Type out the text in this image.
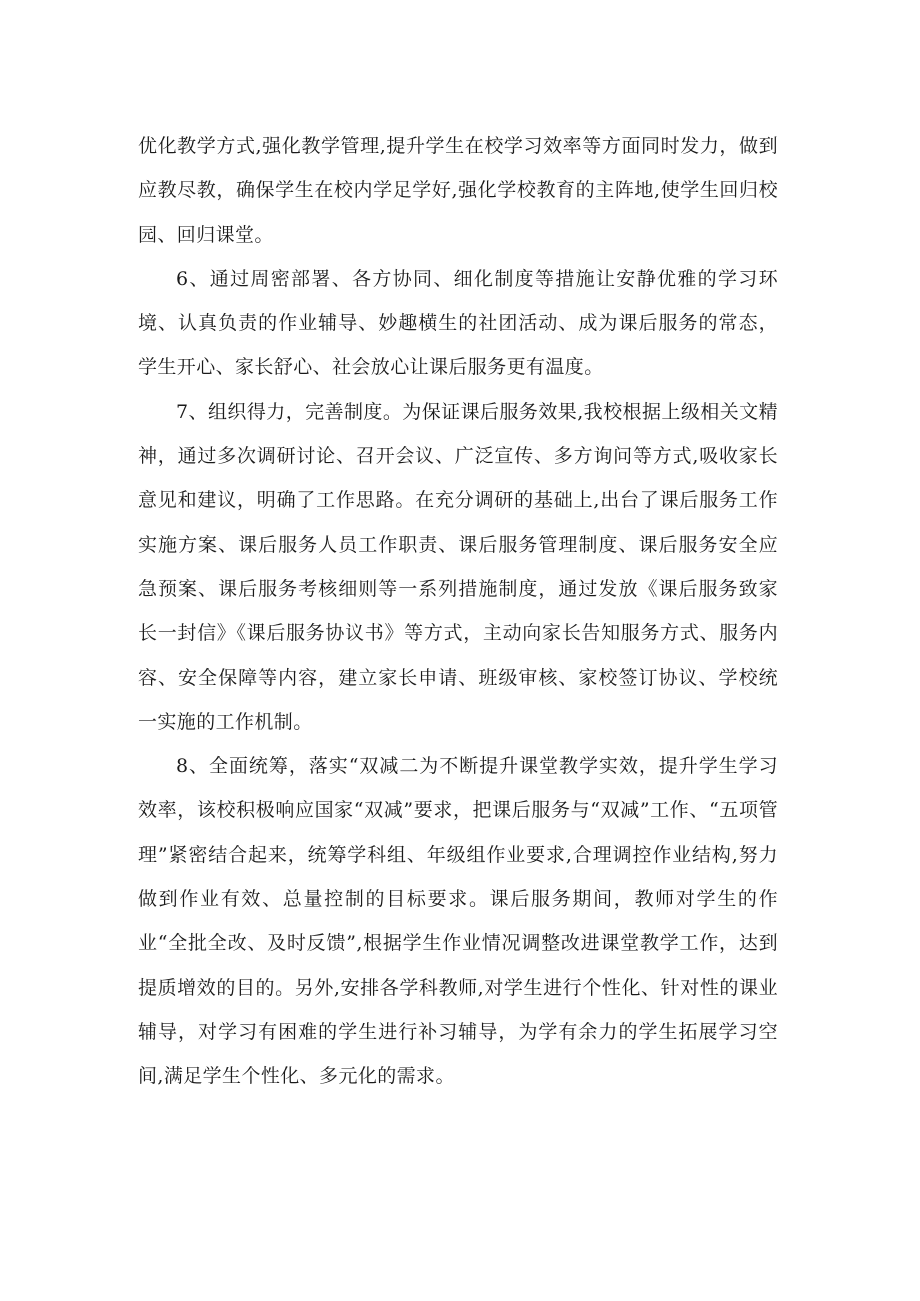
优化教学方式,强化教学管理,提升学生在校学习效率等方面同时发力，做到应教尽教，确保学生在校内学足学好,强化学校教育的主阵地,使学生回归校园、回归课堂。

6、通过周密部署、各方协同、细化制度等措施让安静优雅的学习环境、认真负责的作业辅导、妙趣横生的社团活动、成为课后服务的常态，学生开心、家长舒心、社会放心让课后服务更有温度。

7、组织得力，完善制度。为保证课后服务效果,我校根据上级相关文精神，通过多次调研讨论、召开会议、广泛宣传、多方询问等方式,吸收家长意见和建议，明确了工作思路。在充分调研的基础上,出台了课后服务工作实施方案、课后服务人员工作职责、课后服务管理制度、课后服务安全应急预案、课后服务考核细则等一系列措施制度，通过发放《课后服务致家长一封信》《课后服务协议书》等方式，主动向家长告知服务方式、服务内容、安全保障等内容，建立家长申请、班级审核、家校签订协议、学校统一实施的工作机制。

8、全面统筹，落实“双减二为不断提升课堂教学实效，提升学生学习效率，该校积极响应国家“双减”要求，把课后服务与“双减”工作、“五项管理”紧密结合起来，统筹学科组、年级组作业要求,合理调控作业结构,努力做到作业有效、总量控制的目标要求。课后服务期间，教师对学生的作业“全批全改、及时反馈”,根据学生作业情况调整改进课堂教学工作，达到提质增效的目的。另外,安排各学科教师,对学生进行个性化、针对性的课业辅导，对学习有困难的学生进行补习辅导，为学有余力的学生拓展学习空间,满足学生个性化、多元化的需求。
